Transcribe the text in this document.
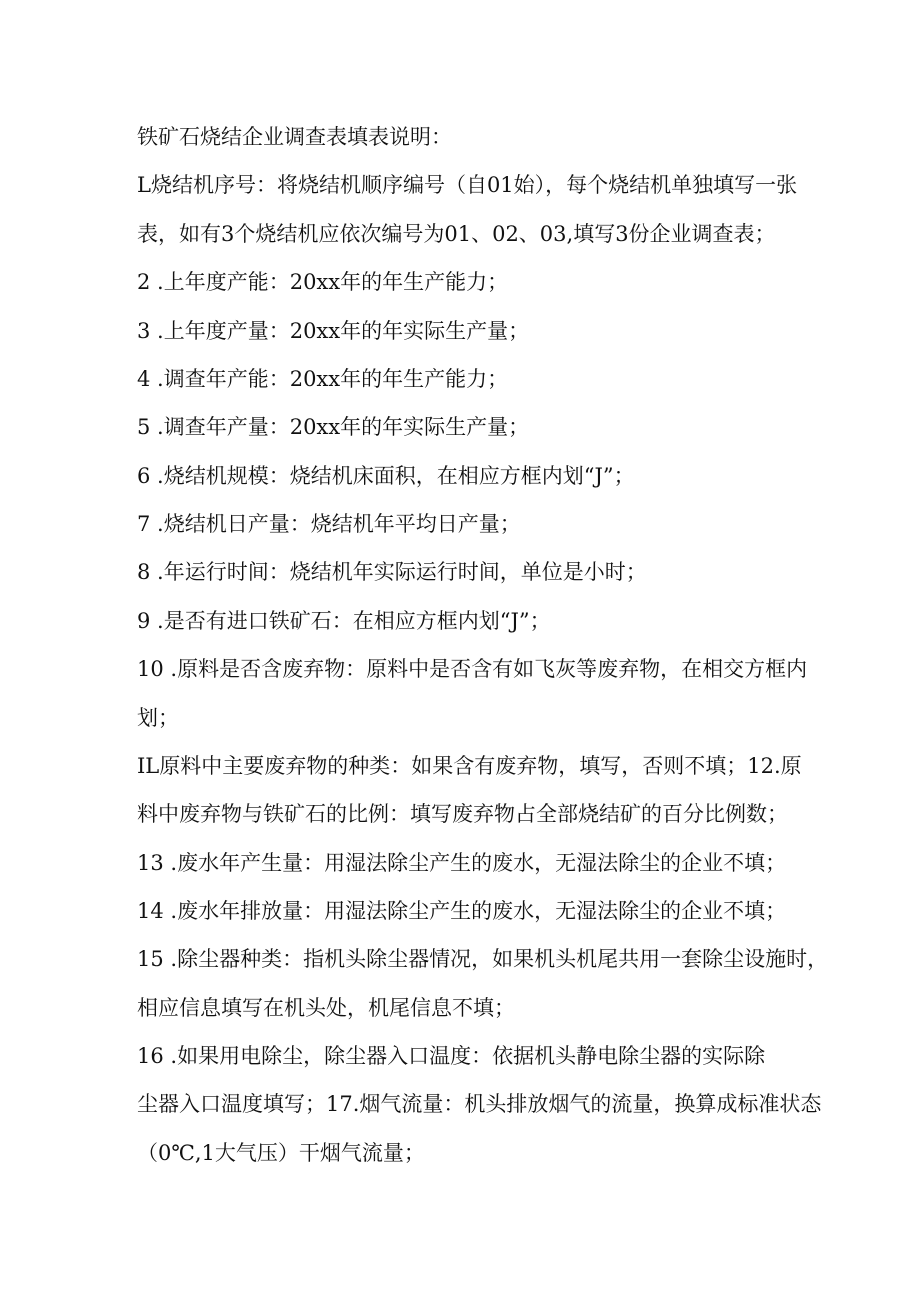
铁矿石烧结企业调查表填表说明：
L烧结机序号：将烧结机顺序编号（自01始），每个烧结机单独填写一张
表，如有3个烧结机应依次编号为01、02、03,填写3份企业调查表；
2 .上年度产能：20xx年的年生产能力；
3 .上年度产量：20xx年的年实际生产量；
4 .调查年产能：20xx年的年生产能力；
5 .调查年产量：20xx年的年实际生产量；
6 .烧结机规模：烧结机床面积，在相应方框内划“J”；
7 .烧结机日产量：烧结机年平均日产量；
8 .年运行时间：烧结机年实际运行时间，单位是小时；
9 .是否有进口铁矿石：在相应方框内划“J”；
10 .原料是否含废弃物：原料中是否含有如飞灰等废弃物，在相交方框内
划；
IL原料中主要废弃物的种类：如果含有废弃物，填写，否则不填；12.原
料中废弃物与铁矿石的比例：填写废弃物占全部烧结矿的百分比例数；
13 .废水年产生量：用湿法除尘产生的废水，无湿法除尘的企业不填；
14 .废水年排放量：用湿法除尘产生的废水，无湿法除尘的企业不填；
15 .除尘器种类：指机头除尘器情况，如果机头机尾共用一套除尘设施时，
相应信息填写在机头处，机尾信息不填；
16 .如果用电除尘，除尘器入口温度：依据机头静电除尘器的实际除
尘器入口温度填写；17.烟气流量：机头排放烟气的流量，换算成标准状态
（0℃,1大气压）干烟气流量；
